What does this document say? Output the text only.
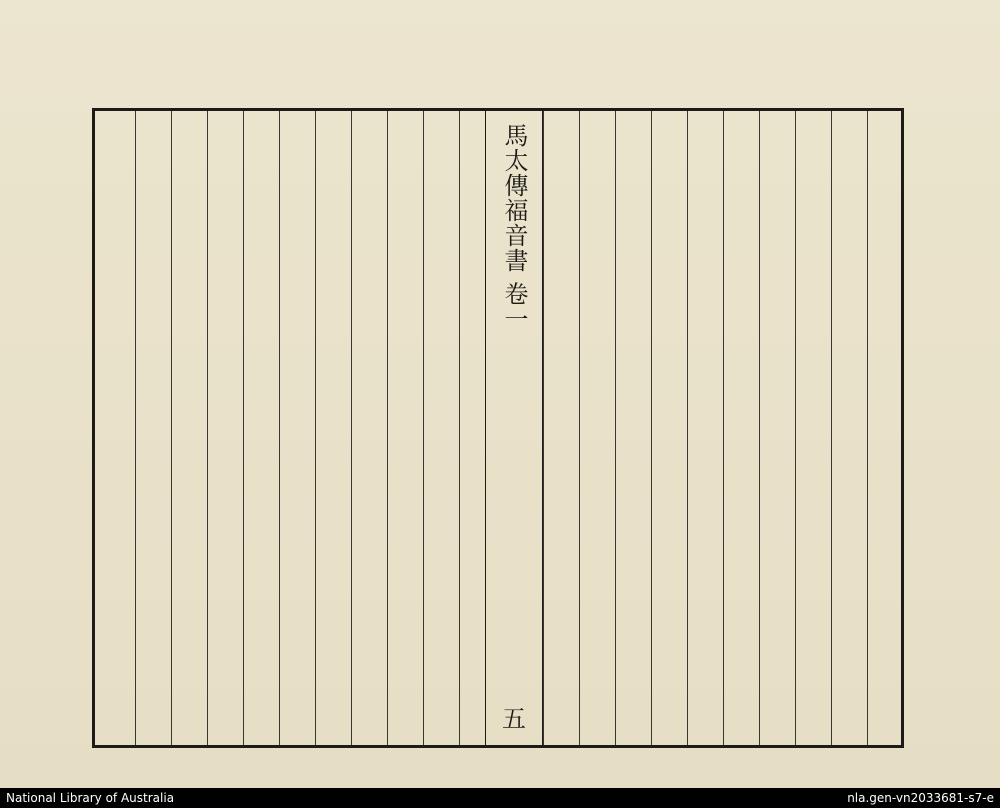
馬太傳福音書 卷一
五
National Library of Australia	nla.gen-vn2033681-s7-e
